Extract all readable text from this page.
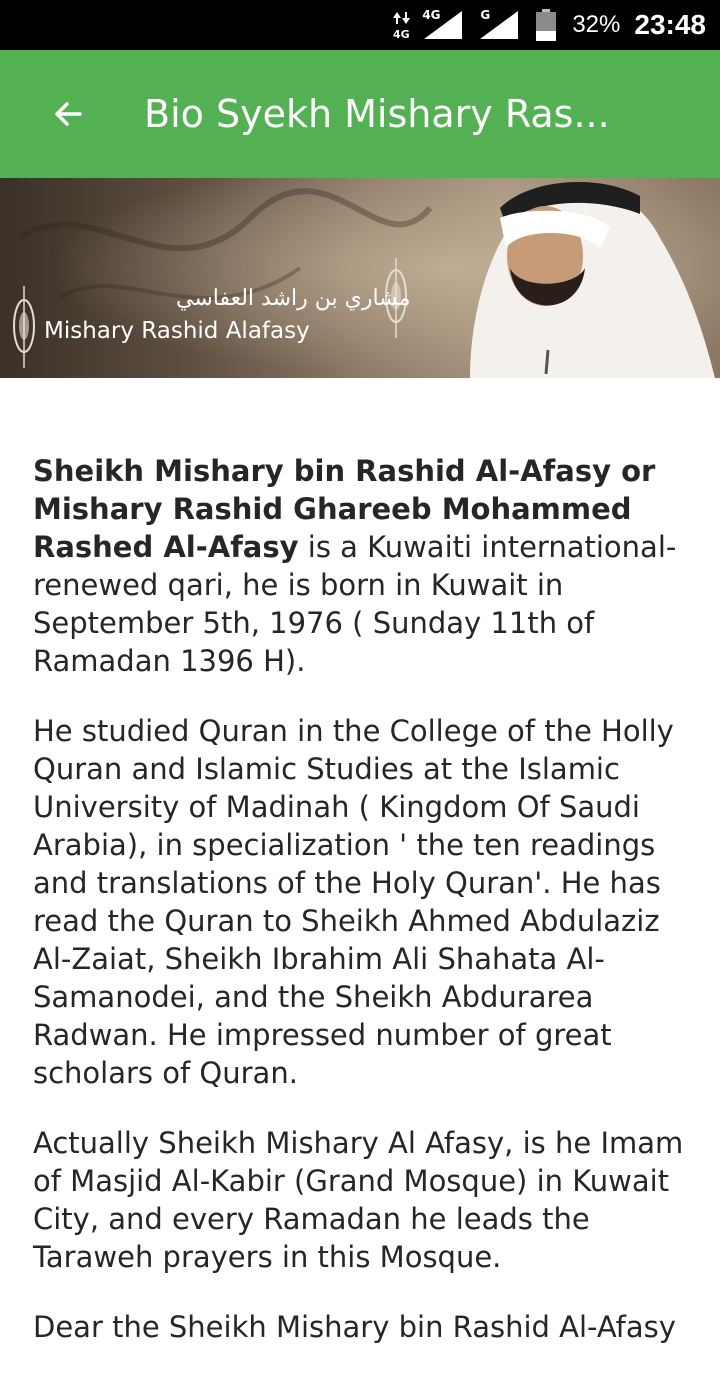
4G
4G	G	32% 23:48
Bio Syekh Mishary Ras...
مشاري بن راشد العفاسي
Mishary Rashid Alafasy

Sheikh Mishary bin Rashid Al-Afasy or Mishary Rashid Ghareeb Mohammed Rashed Al-Afasy is a Kuwaiti international-renewed qari, he is born in Kuwait in September 5th, 1976 ( Sunday 11th of Ramadan 1396 H).

He studied Quran in the College of the Holly Quran and Islamic Studies at the Islamic University of Madinah ( Kingdom Of Saudi Arabia), in specialization ' the ten readings and translations of the Holy Quran'. He has read the Quran to Sheikh Ahmed Abdulaziz Al-Zaiat, Sheikh Ibrahim Ali Shahata Al-Samanodei, and the Sheikh Abdurarea Radwan. He impressed number of great scholars of Quran.

Actually Sheikh Mishary Al Afasy, is he Imam of Masjid Al-Kabir (Grand Mosque) in Kuwait City, and every Ramadan he leads the Taraweh prayers in this Mosque.

Dear the Sheikh Mishary bin Rashid Al-Afasy
